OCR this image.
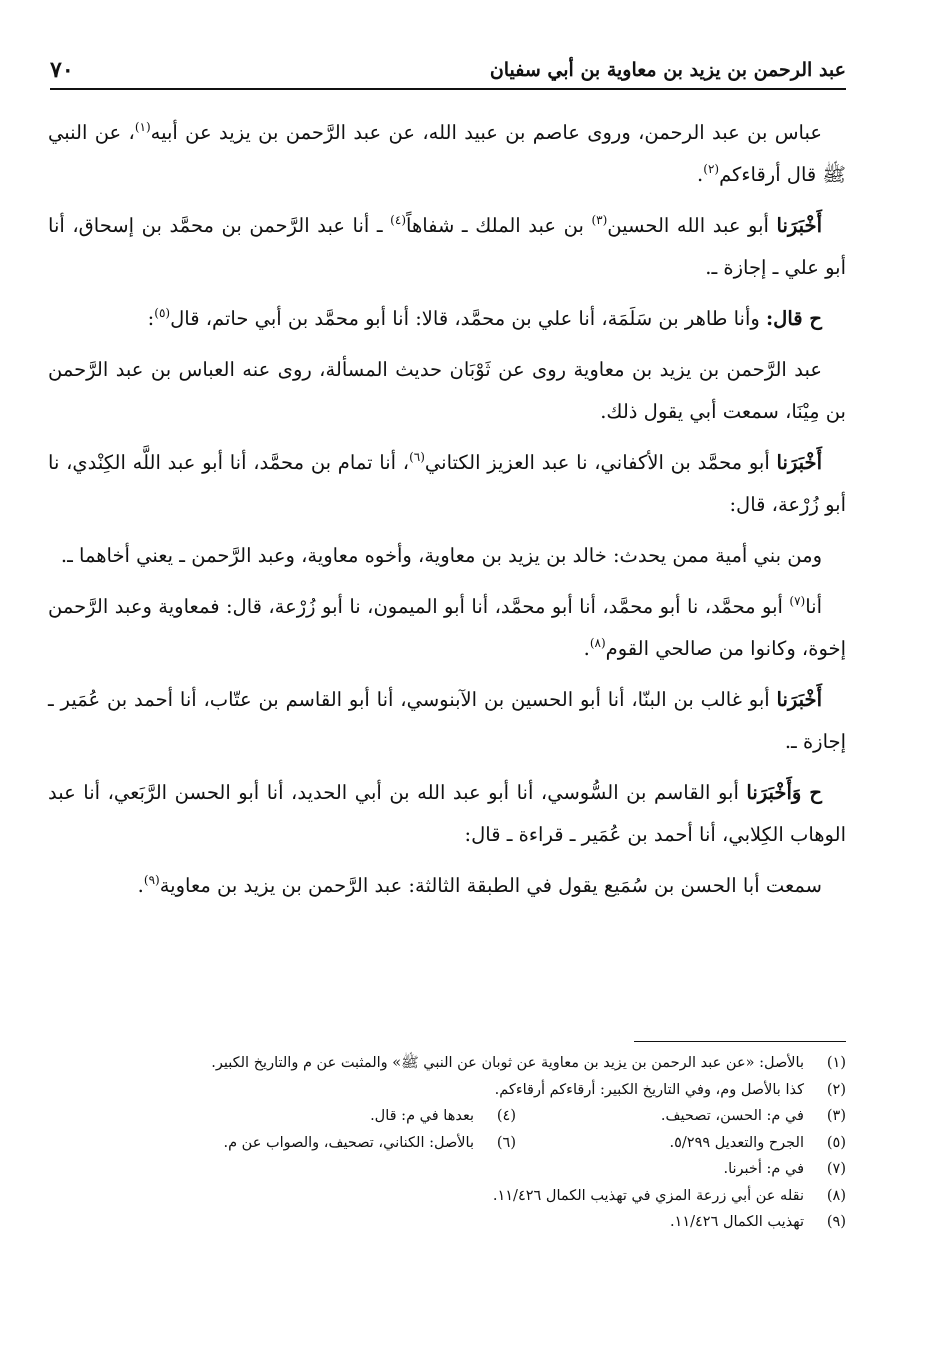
عبد الرحمن بن يزيد بن معاوية بن أبي سفيان
٧٠

عباس بن عبد الرحمن، وروى عاصم بن عبيد الله، عن عبد الرَّحمن بن يزيد عن أبيه$^{(١)}$، عن النبي ﷺ قال أرقاءكم$^{(٢)}$.

أَخْبَرَنا أبو عبد الله الحسين$^{(٣)}$ بن عبد الملك ـ شفاهاً$^{(٤)}$ ـ أنا عبد الرَّحمن بن محمَّد بن إسحاق، أنا أبو علي ـ إجازة ـ.

ح قال: وأنا طاهر بن سَلَمَة، أنا علي بن محمَّد، قالا: أنا أبو محمَّد بن أبي حاتم، قال$^{(٥)}$:

عبد الرَّحمن بن يزيد بن معاوية روى عن ثَوْبَان حديث المسألة، روى عنه العباس بن عبد الرَّحمن بن مِيْنَا، سمعت أبي يقول ذلك.

أَخْبَرَنا أبو محمَّد بن الأكفاني، نا عبد العزيز الكتاني$^{(٦)}$، أنا تمام بن محمَّد، أنا أبو عبد اللَّه الكِنْدي، نا أبو زُرْعة، قال:

ومن بني أمية ممن يحدث: خالد بن يزيد بن معاوية، وأخوه معاوية، وعبد الرَّحمن ـ يعني أخاهما ـ.

أنا$^{(٧)}$ أبو محمَّد، نا أبو محمَّد، أنا أبو محمَّد، أنا أبو الميمون، نا أبو زُرْعة، قال: فمعاوية وعبد الرَّحمن إخوة، وكانوا من صالحي القوم$^{(٨)}$.

أَخْبَرَنا أبو غالب بن البنّا، أنا أبو الحسين بن الآبنوسي، أنا أبو القاسم بن عتّاب، أنا أحمد بن عُمَير ـ إجازة ـ.

ح وَأَخْبَرَنا أبو القاسم بن السُّوسي، أنا أبو عبد الله بن أبي الحديد، أنا أبو الحسن الرَّبَعي، أنا عبد الوهاب الكِلابي، أنا أحمد بن عُمَير ـ قراءة ـ قال:

سمعت أبا الحسن بن سُمَيع يقول في الطبقة الثالثة: عبد الرَّحمن بن يزيد بن معاوية$^{(٩)}$.

(١)
بالأصل: «عن عبد الرحمن بن يزيد بن معاوية عن ثوبان عن النبي ﷺ» والمثبت عن م والتاريخ الكبير.
(٢)
كذا بالأصل وم، وفي التاريخ الكبير: أرقاءكم أرقاءكم.
(٣)
في م: الحسن، تصحيف.
(٤)
بعدها في م: قال.
(٥)
الجرح والتعديل ٥/٢٩٩.
(٦)
بالأصل: الكناني، تصحيف، والصواب عن م.
(٧)
في م: أخبرنا.
(٨)
نقله عن أبي زرعة المزي في تهذيب الكمال ١١/٤٢٦.
(٩)
تهذيب الكمال ١١/٤٢٦.
